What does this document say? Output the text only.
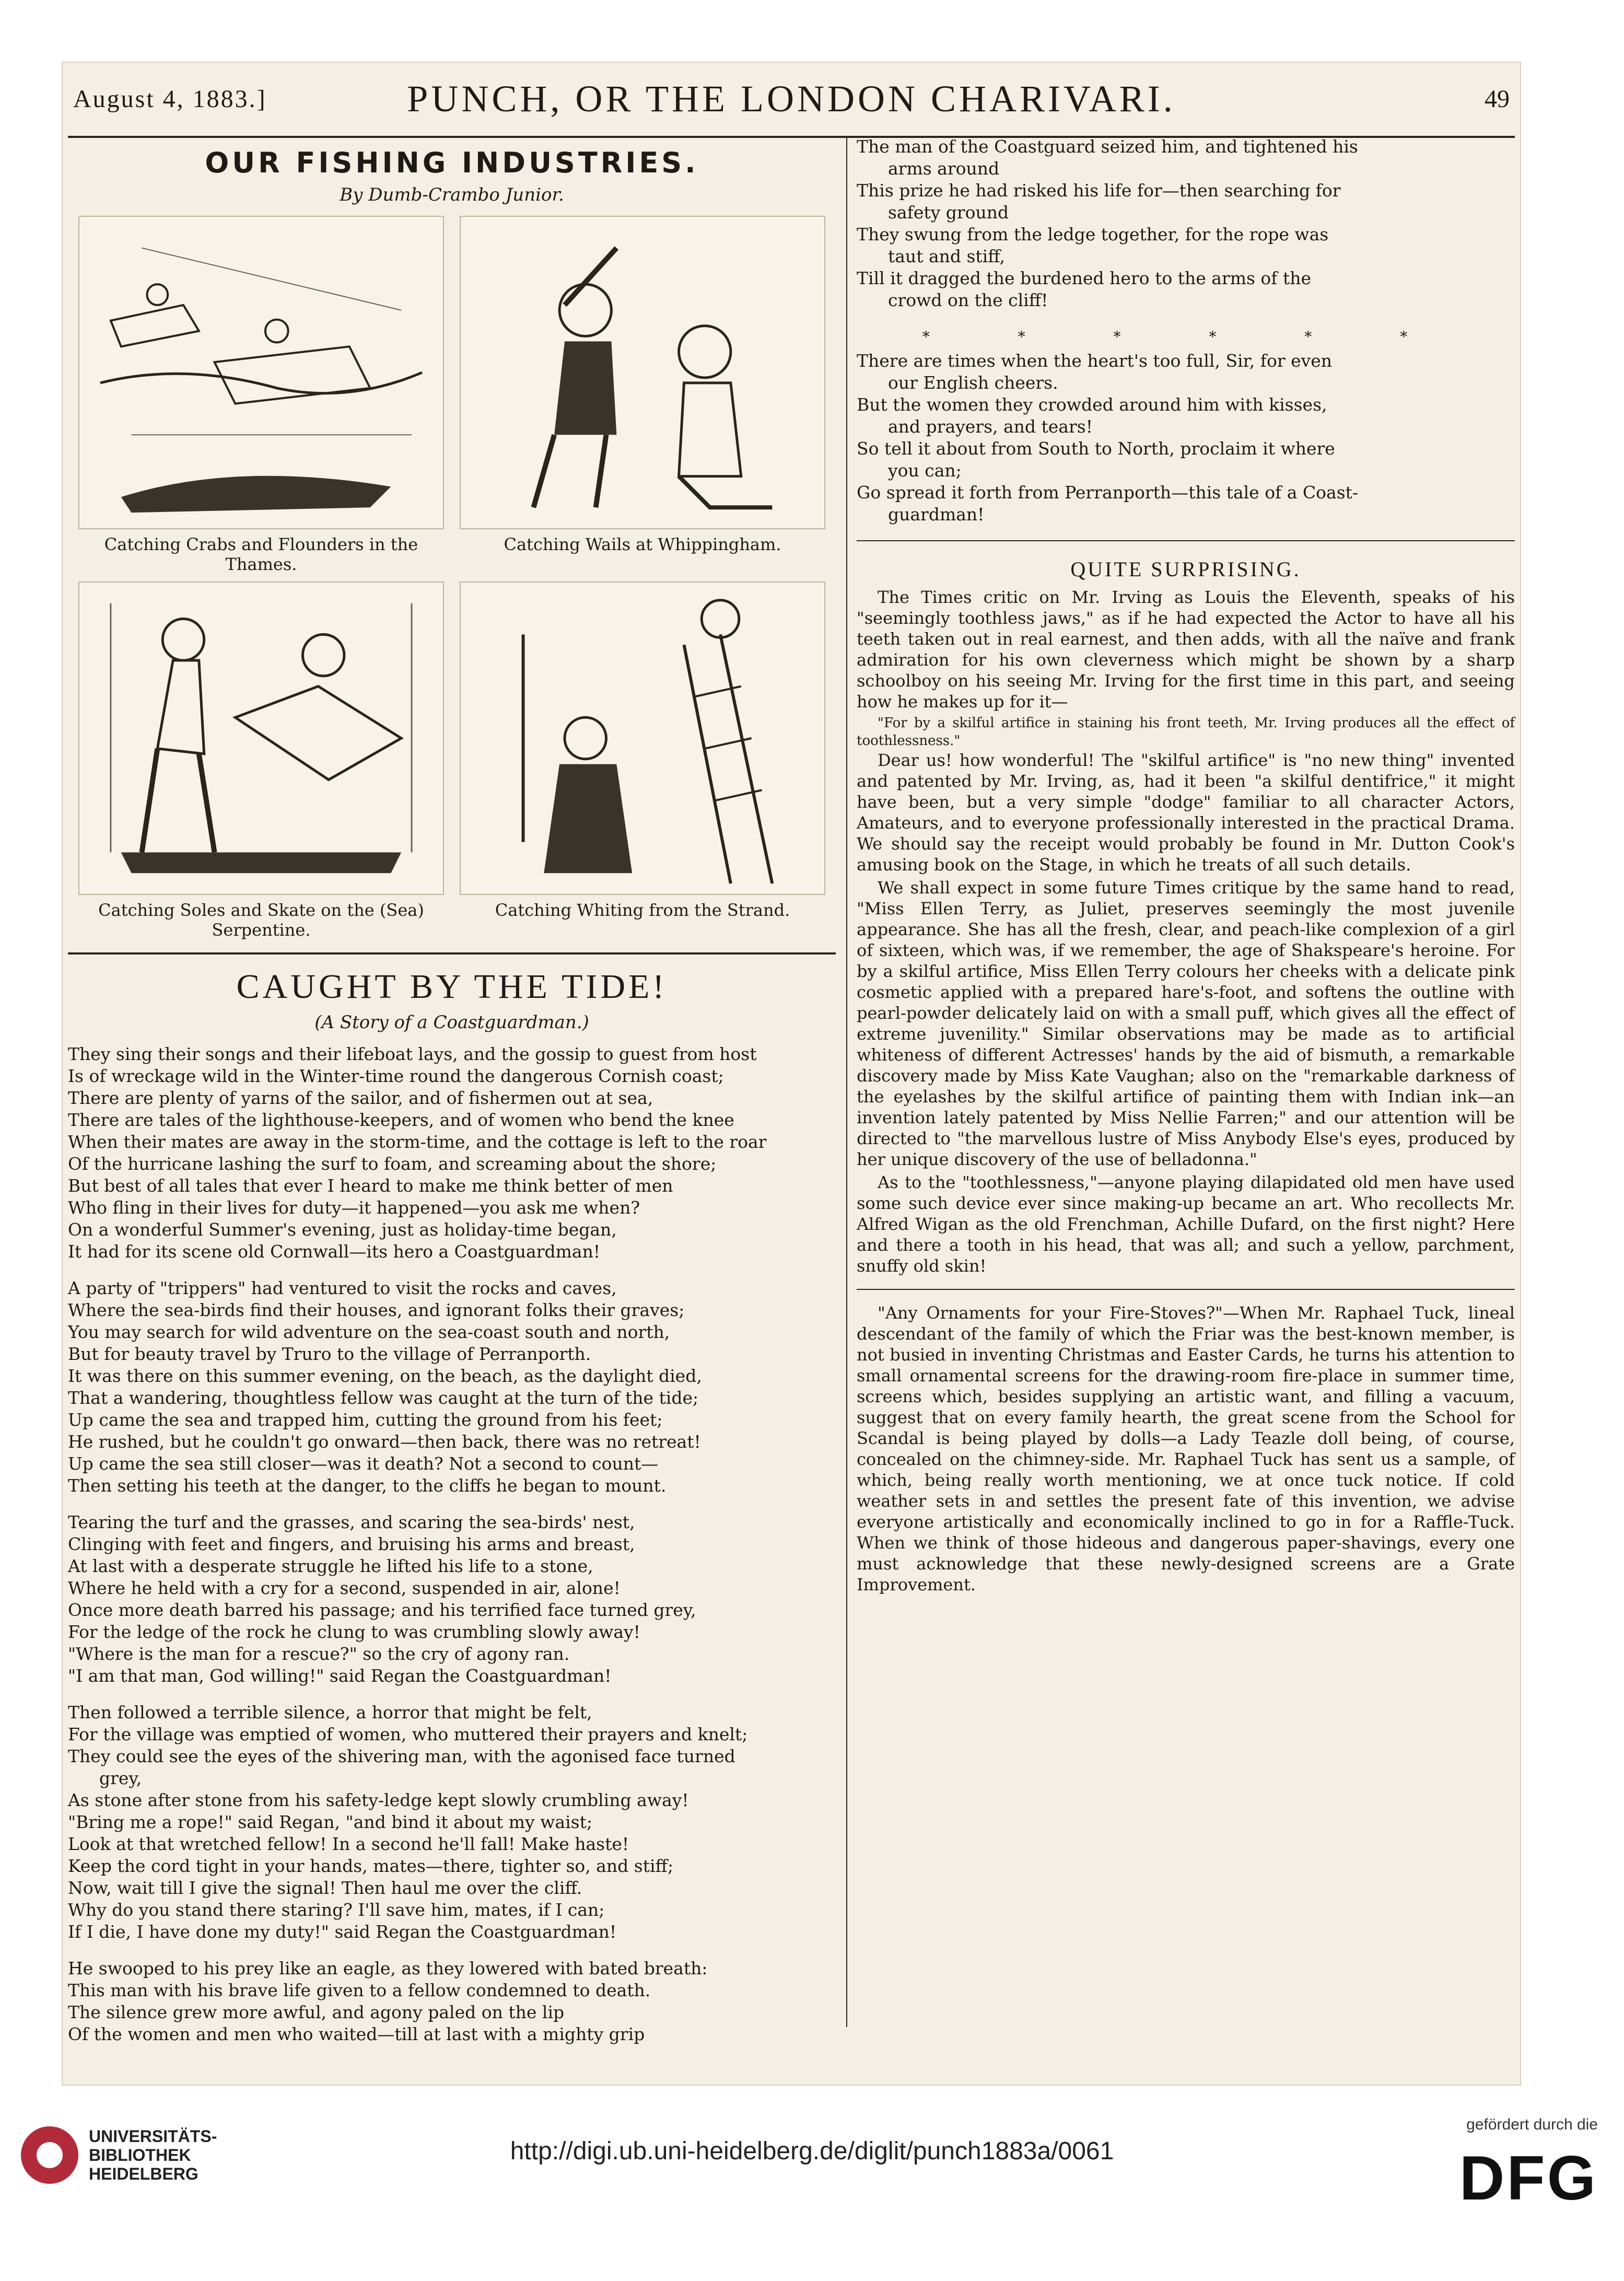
August 4, 1883.]	PUNCH, OR THE LONDON CHARIVARI.	49
OUR FISHING INDUSTRIES.
By Dumb-Crambo Junior.
Catching Crabs and Flounders in the Thames.
Catching Wails at Whippingham.
Catching Soles and Skate on the (Sea) Serpentine.
Catching Whiting from the Strand.
CAUGHT BY THE TIDE!
(A Story of a Coastguardman.)
They sing their songs and their lifeboat lays, and the gossip to guest from host
Is of wreckage wild in the Winter-time round the dangerous Cornish coast;
There are plenty of yarns of the sailor, and of fishermen out at sea,
There are tales of the lighthouse-keepers, and of women who bend the knee
When their mates are away in the storm-time, and the cottage is left to the roar
Of the hurricane lashing the surf to foam, and screaming about the shore;
But best of all tales that ever I heard to make me think better of men
Who fling in their lives for duty—it happened—you ask me when?
On a wonderful Summer's evening, just as holiday-time began,
It had for its scene old Cornwall—its hero a Coastguardman!
A party of "trippers" had ventured to visit the rocks and caves,
Where the sea-birds find their houses, and ignorant folks their graves;
You may search for wild adventure on the sea-coast south and north,
But for beauty travel by Truro to the village of Perranporth.
It was there on this summer evening, on the beach, as the daylight died,
That a wandering, thoughtless fellow was caught at the turn of the tide;
Up came the sea and trapped him, cutting the ground from his feet;
He rushed, but he couldn't go onward—then back, there was no retreat!
Up came the sea still closer—was it death? Not a second to count—
Then setting his teeth at the danger, to the cliffs he began to mount.
Tearing the turf and the grasses, and scaring the sea-birds' nest,
Clinging with feet and fingers, and bruising his arms and breast,
At last with a desperate struggle he lifted his life to a stone,
Where he held with a cry for a second, suspended in air, alone!
Once more death barred his passage; and his terrified face turned grey,
For the ledge of the rock he clung to was crumbling slowly away!
"Where is the man for a rescue?" so the cry of agony ran.
"I am that man, God willing!" said Regan the Coastguardman!
Then followed a terrible silence, a horror that might be felt,
For the village was emptied of women, who muttered their prayers and knelt;
They could see the eyes of the shivering man, with the agonised face turned
grey,
As stone after stone from his safety-ledge kept slowly crumbling away!
"Bring me a rope!" said Regan, "and bind it about my waist;
Look at that wretched fellow! In a second he'll fall! Make haste!
Keep the cord tight in your hands, mates—there, tighter so, and stiff;
Now, wait till I give the signal! Then haul me over the cliff.
Why do you stand there staring? I'll save him, mates, if I can;
If I die, I have done my duty!" said Regan the Coastguardman!
He swooped to his prey like an eagle, as they lowered with bated breath:
This man with his brave life given to a fellow condemned to death.
The silence grew more awful, and agony paled on the lip
Of the women and men who waited—till at last with a mighty grip
The man of the Coastguard seized him, and tightened his
arms around
This prize he had risked his life for—then searching for
safety ground
They swung from the ledge together, for the rope was
taut and stiff,
Till it dragged the burdened hero to the arms of the
crowd on the cliff!
* * * * * *
There are times when the heart's too full, Sir, for even
our English cheers.
But the women they crowded around him with kisses,
and prayers, and tears!
So tell it about from South to North, proclaim it where
you can;
Go spread it forth from Perranporth—this tale of a Coast-
guardman!
QUITE SURPRISING.

The Times critic on Mr. Irving as Louis the Eleventh, speaks of his "seemingly toothless jaws," as if he had expected the Actor to have all his teeth taken out in real earnest, and then adds, with all the naïve and frank admiration for his own cleverness which might be shown by a sharp schoolboy on his seeing Mr. Irving for the first time in this part, and seeing how he makes up for it—

"For by a skilful artifice in staining his front teeth, Mr. Irving produces all the effect of toothlessness."

Dear us! how wonderful! The "skilful artifice" is "no new thing" invented and patented by Mr. Irving, as, had it been "a skilful dentifrice," it might have been, but a very simple "dodge" familiar to all character Actors, Amateurs, and to everyone professionally interested in the practical Drama. We should say the receipt would probably be found in Mr. Dutton Cook's amusing book on the Stage, in which he treats of all such details.

We shall expect in some future Times critique by the same hand to read, "Miss Ellen Terry, as Juliet, preserves seemingly the most juvenile appearance. She has all the fresh, clear, and peach-like complexion of a girl of sixteen, which was, if we remember, the age of Shakspeare's heroine. For by a skilful artifice, Miss Ellen Terry colours her cheeks with a delicate pink cosmetic applied with a prepared hare's-foot, and softens the outline with pearl-powder delicately laid on with a small puff, which gives all the effect of extreme juvenility." Similar observations may be made as to artificial whiteness of different Actresses' hands by the aid of bismuth, a remarkable discovery made by Miss Kate Vaughan; also on the "remarkable darkness of the eyelashes by the skilful artifice of painting them with Indian ink—an invention lately patented by Miss Nellie Farren;" and our attention will be directed to "the marvellous lustre of Miss Anybody Else's eyes, produced by her unique discovery of the use of belladonna."

As to the "toothlessness,"—anyone playing dilapidated old men have used some such device ever since making-up became an art. Who recollects Mr. Alfred Wigan as the old Frenchman, Achille Dufard, on the first night? Here and there a tooth in his head, that was all; and such a yellow, parchment, snuffy old skin!

"Any Ornaments for your Fire-Stoves?"—When Mr. Raphael Tuck, lineal descendant of the family of which the Friar was the best-known member, is not busied in inventing Christmas and Easter Cards, he turns his attention to small ornamental screens for the drawing-room fire-place in summer time, screens which, besides supplying an artistic want, and filling a vacuum, suggest that on every family hearth, the great scene from the School for Scandal is being played by dolls—a Lady Teazle doll being, of course, concealed on the chimney-side. Mr. Raphael Tuck has sent us a sample, of which, being really worth mentioning, we at once tuck notice. If cold weather sets in and settles the present fate of this invention, we advise everyone artistically and economically inclined to go in for a Raffle-Tuck. When we think of those hideous and dangerous paper-shavings, every one must acknowledge that these newly-designed screens are a Grate Improvement.

UNIVERSITÄTS-
BIBLIOTHEK
HEIDELBERG
http://digi.ub.uni-heidelberg.de/diglit/punch1883a/0061
gefördert durch die
DFG
